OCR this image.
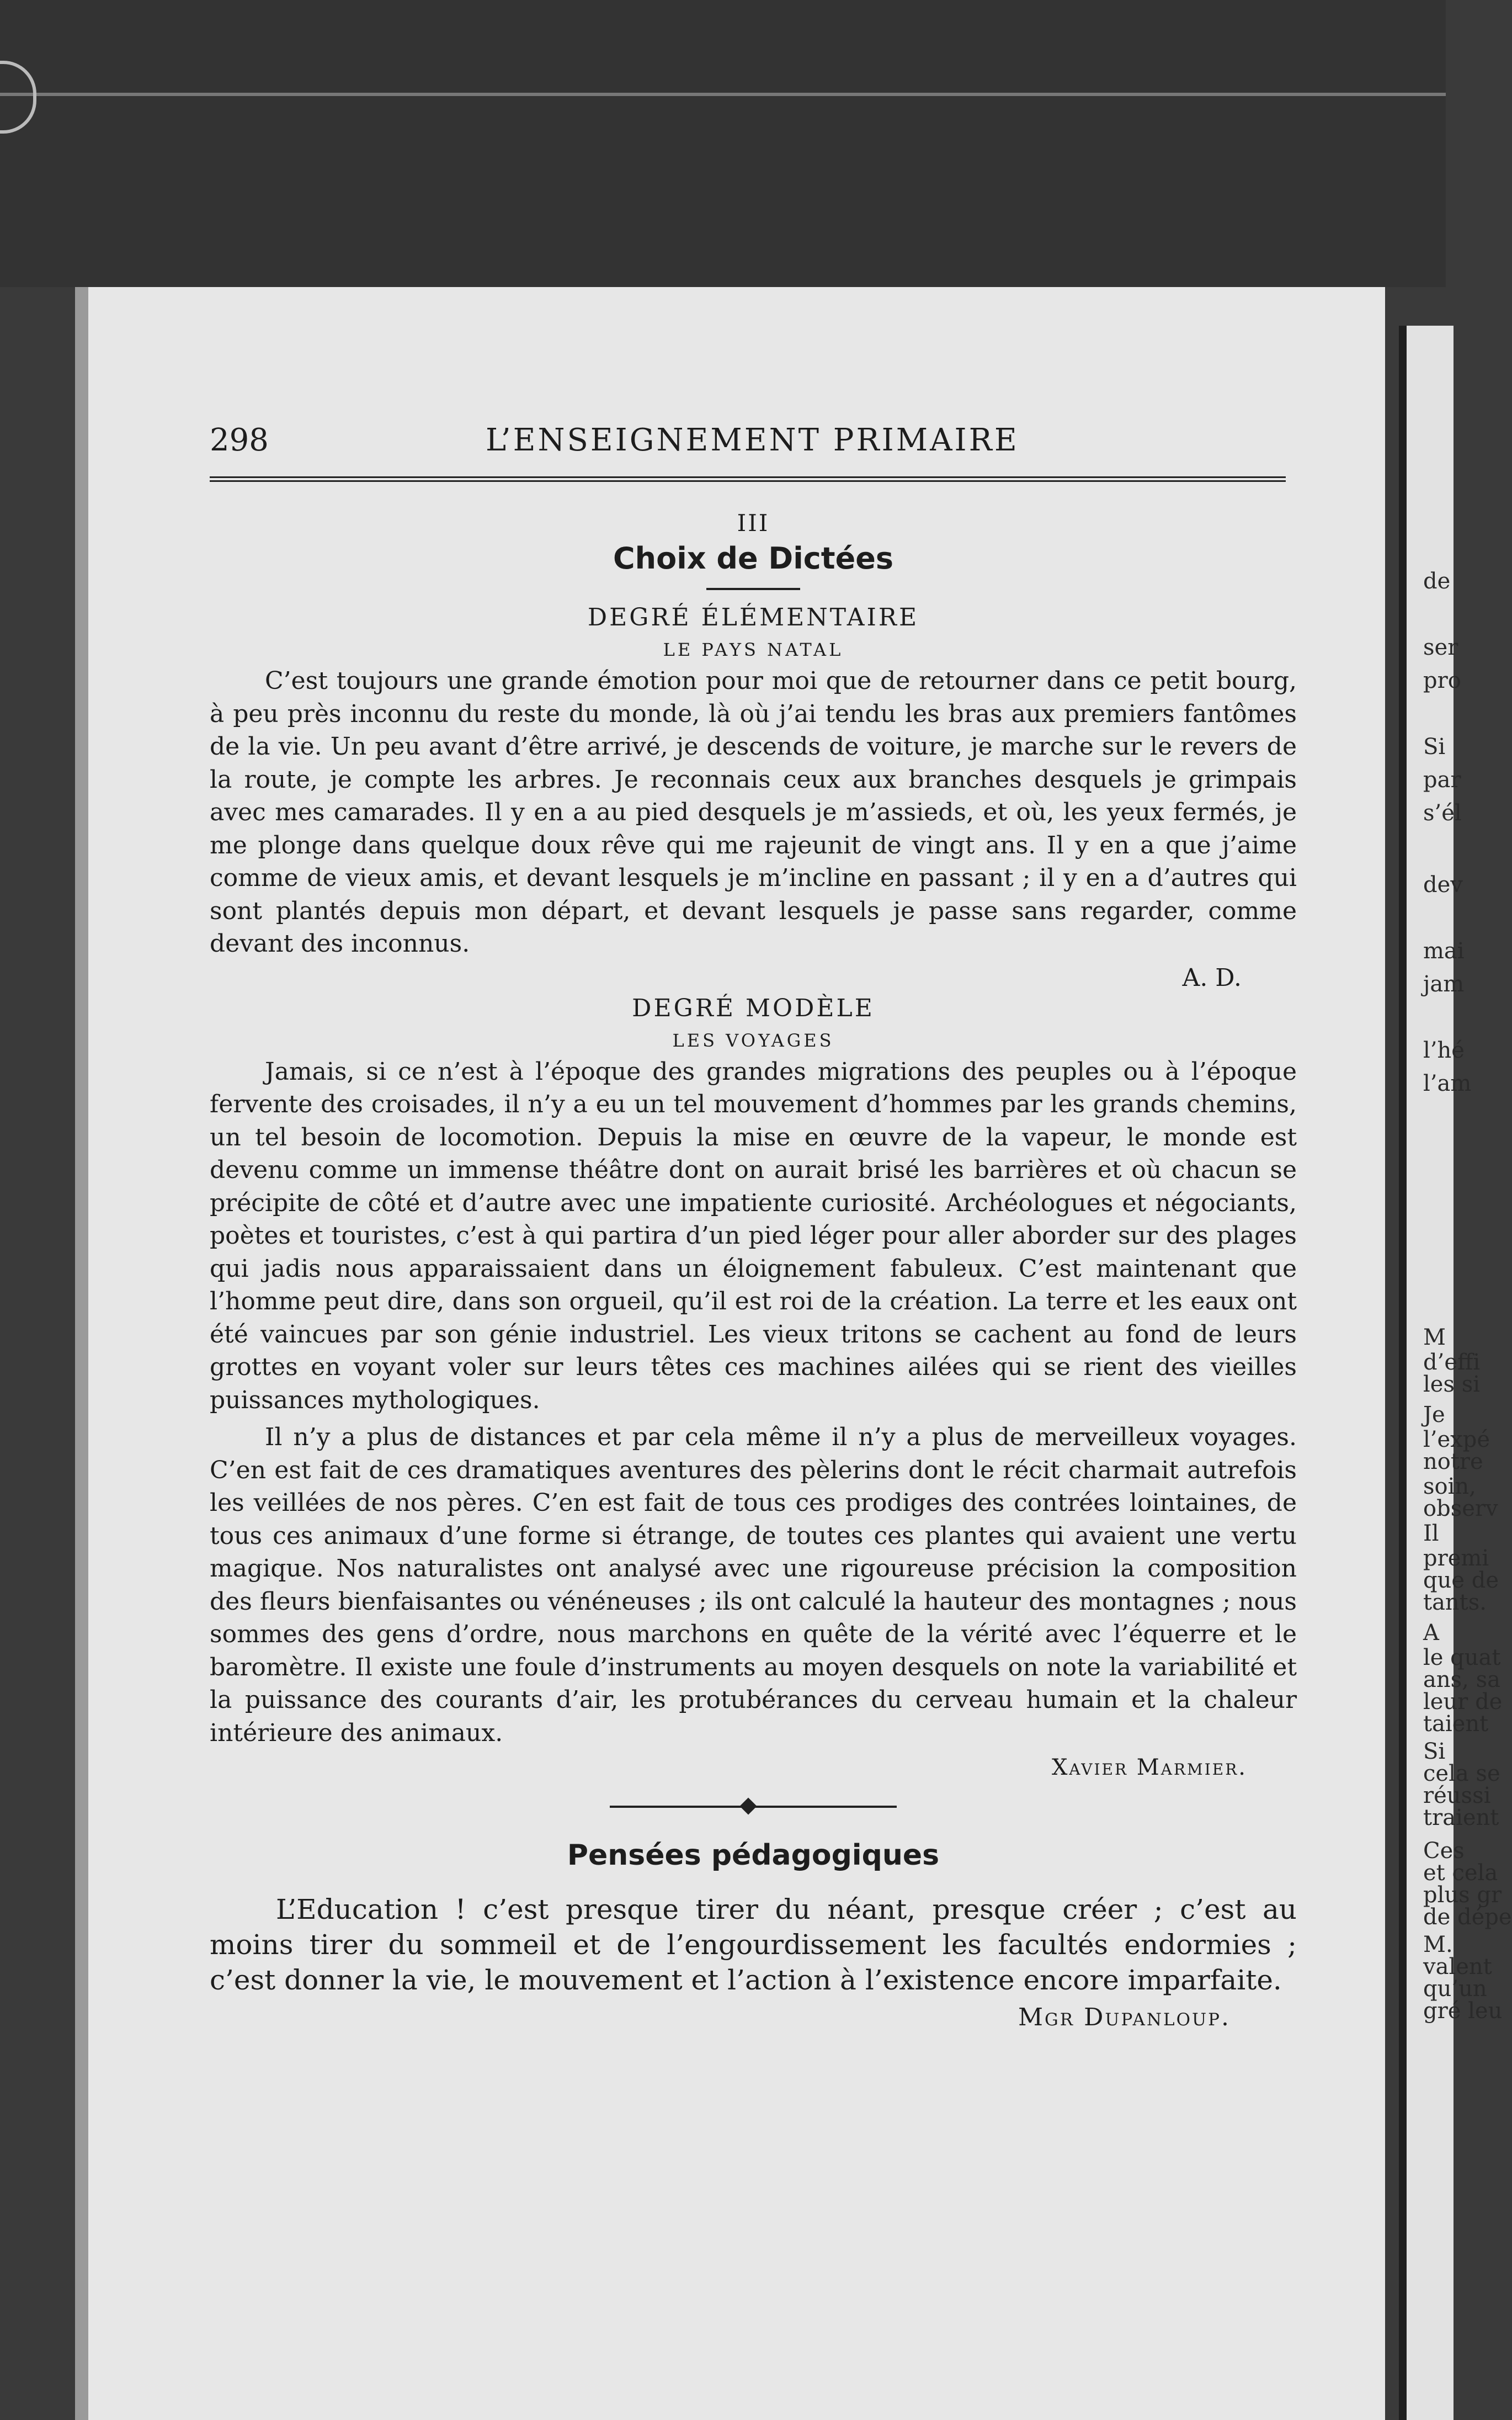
298	L’ENSEIGNEMENT PRIMAIRE
III
Choix de Dictées
DEGRÉ ÉLÉMENTAIRE
LE PAYS NATAL

C’est toujours une grande émotion pour moi que de retourner dans ce petit bourg, à peu près inconnu du reste du monde, là où j’ai tendu les bras aux premiers fantômes de la vie. Un peu avant d’être arrivé, je descends de voiture, je marche sur le revers de la route, je compte les arbres. Je reconnais ceux aux branches desquels je grimpais avec mes camarades. Il y en a au pied desquels je m’assieds, et où, les yeux fermés, je me plonge dans quelque doux rêve qui me rajeunit de vingt ans. Il y en a que j’aime comme de vieux amis, et devant lesquels je m’incline en passant ; il y en a d’autres qui sont plantés depuis mon départ, et devant lesquels je passe sans regarder, comme devant des inconnus.

A. D.
DEGRÉ MODÈLE
LES VOYAGES

Jamais, si ce n’est à l’époque des grandes migrations des peuples ou à l’époque fervente des croisades, il n’y a eu un tel mouvement d’hommes par les grands chemins, un tel besoin de locomotion. Depuis la mise en œuvre de la vapeur, le monde est devenu comme un immense théâtre dont on aurait brisé les barrières et où chacun se précipite de côté et d’autre avec une impatiente curiosité. Archéologues et négociants, poètes et touristes, c’est à qui partira d’un pied léger pour aller aborder sur des plages qui jadis nous apparaissaient dans un éloignement fabuleux. C’est maintenant que l’homme peut dire, dans son orgueil, qu’il est roi de la création. La terre et les eaux ont été vaincues par son génie industriel. Les vieux tritons se cachent au fond de leurs grottes en voyant voler sur leurs têtes ces machines ailées qui se rient des vieilles puissances mythologiques.

Il n’y a plus de distances et par cela même il n’y a plus de merveilleux voyages. C’en est fait de ces dramatiques aventures des pèlerins dont le récit charmait autrefois les veillées de nos pères. C’en est fait de tous ces prodiges des contrées lointaines, de tous ces animaux d’une forme si étrange, de toutes ces plantes qui avaient une vertu magique. Nos naturalistes ont analysé avec une rigoureuse précision la composition des fleurs bienfaisantes ou vénéneuses ; ils ont calculé la hauteur des montagnes ; nous sommes des gens d’ordre, nous marchons en quête de la vérité avec l’équerre et le baromètre. Il existe une foule d’instruments au moyen desquels on note la variabilité et la puissance des courants d’air, les protubérances du cerveau humain et la chaleur intérieure des animaux.

Xavier Marmier.
Pensées pédagogiques

L’Education ! c’est presque tirer du néant, presque créer ; c’est au moins tirer du sommeil et de l’engourdissement les facultés endormies ; c’est donner la vie, le mouvement et l’action à l’existence encore imparfaite.

Mgr Dupanloup.
de
ser
pro
Si
par
s’él
dev
mai
jam
l’hé
l’am
M
d’effi
les si
Je
l’expé
notre
soin,
observ
Il
premi
que de
tants.
A
le quat
ans, sa
leur de
taient
Si
cela se
réussi
traient
Ces
et cela
plus gr
de dépe
M.
valent
qu’un
gré leu
